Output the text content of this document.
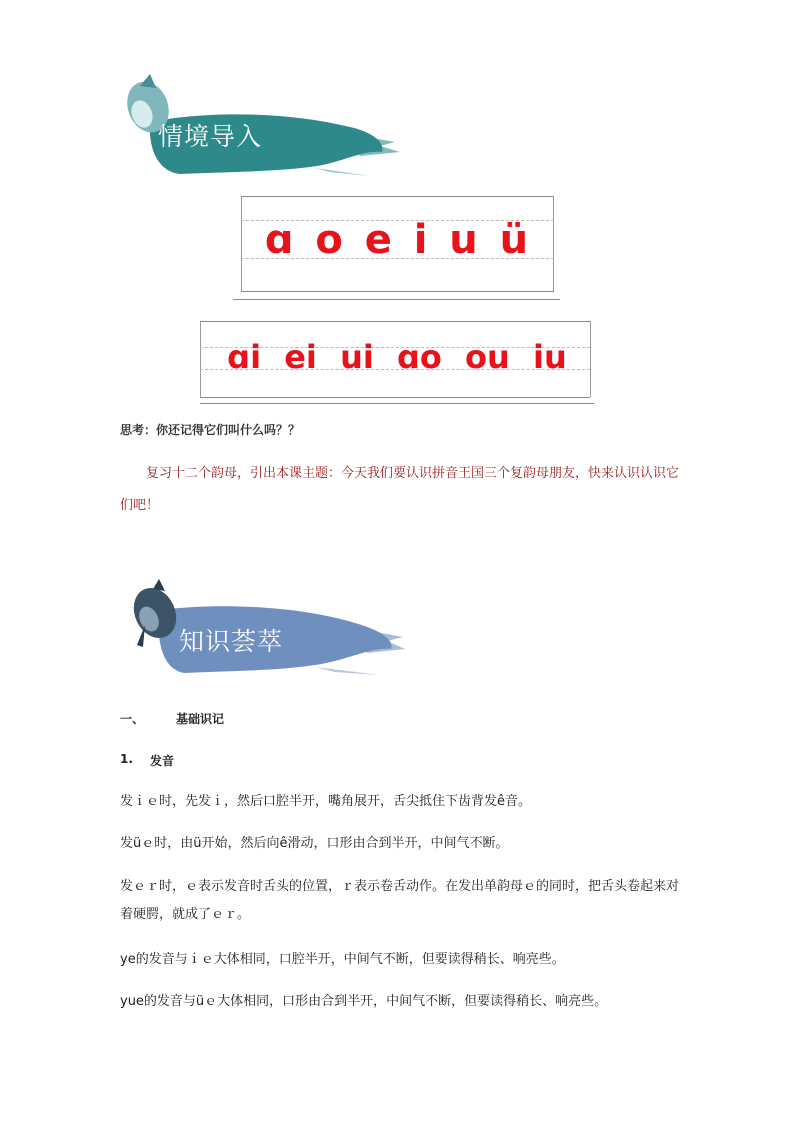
情境导入
ɑ o e i u ü
ɑi ei ui ɑo ou iu
思考：你还记得它们叫什么吗？？
复习十二个韵母，引出本课主题：今天我们要认识拼音王国三个复韵母朋友，快来认识认识它们吧！
知识荟萃
一、	基础识记
1. 发音
发ｉｅ时，先发ｉ，然后口腔半开，嘴角展开，舌尖抵住下齿背发ê音。
发üｅ时，由ü开始，然后向ê滑动，口形由合到半开，中间气不断。
发ｅｒ时，ｅ表示发音时舌头的位置，ｒ表示卷舌动作。在发出单韵母ｅ的同时，把舌头卷起来对着硬腭，就成了ｅｒ。
ye的发音与ｉｅ大体相同，口腔半开，中间气不断，但要读得稍长、响亮些。
yue的发音与üｅ大体相同，口形由合到半开，中间气不断，但要读得稍长、响亮些。
